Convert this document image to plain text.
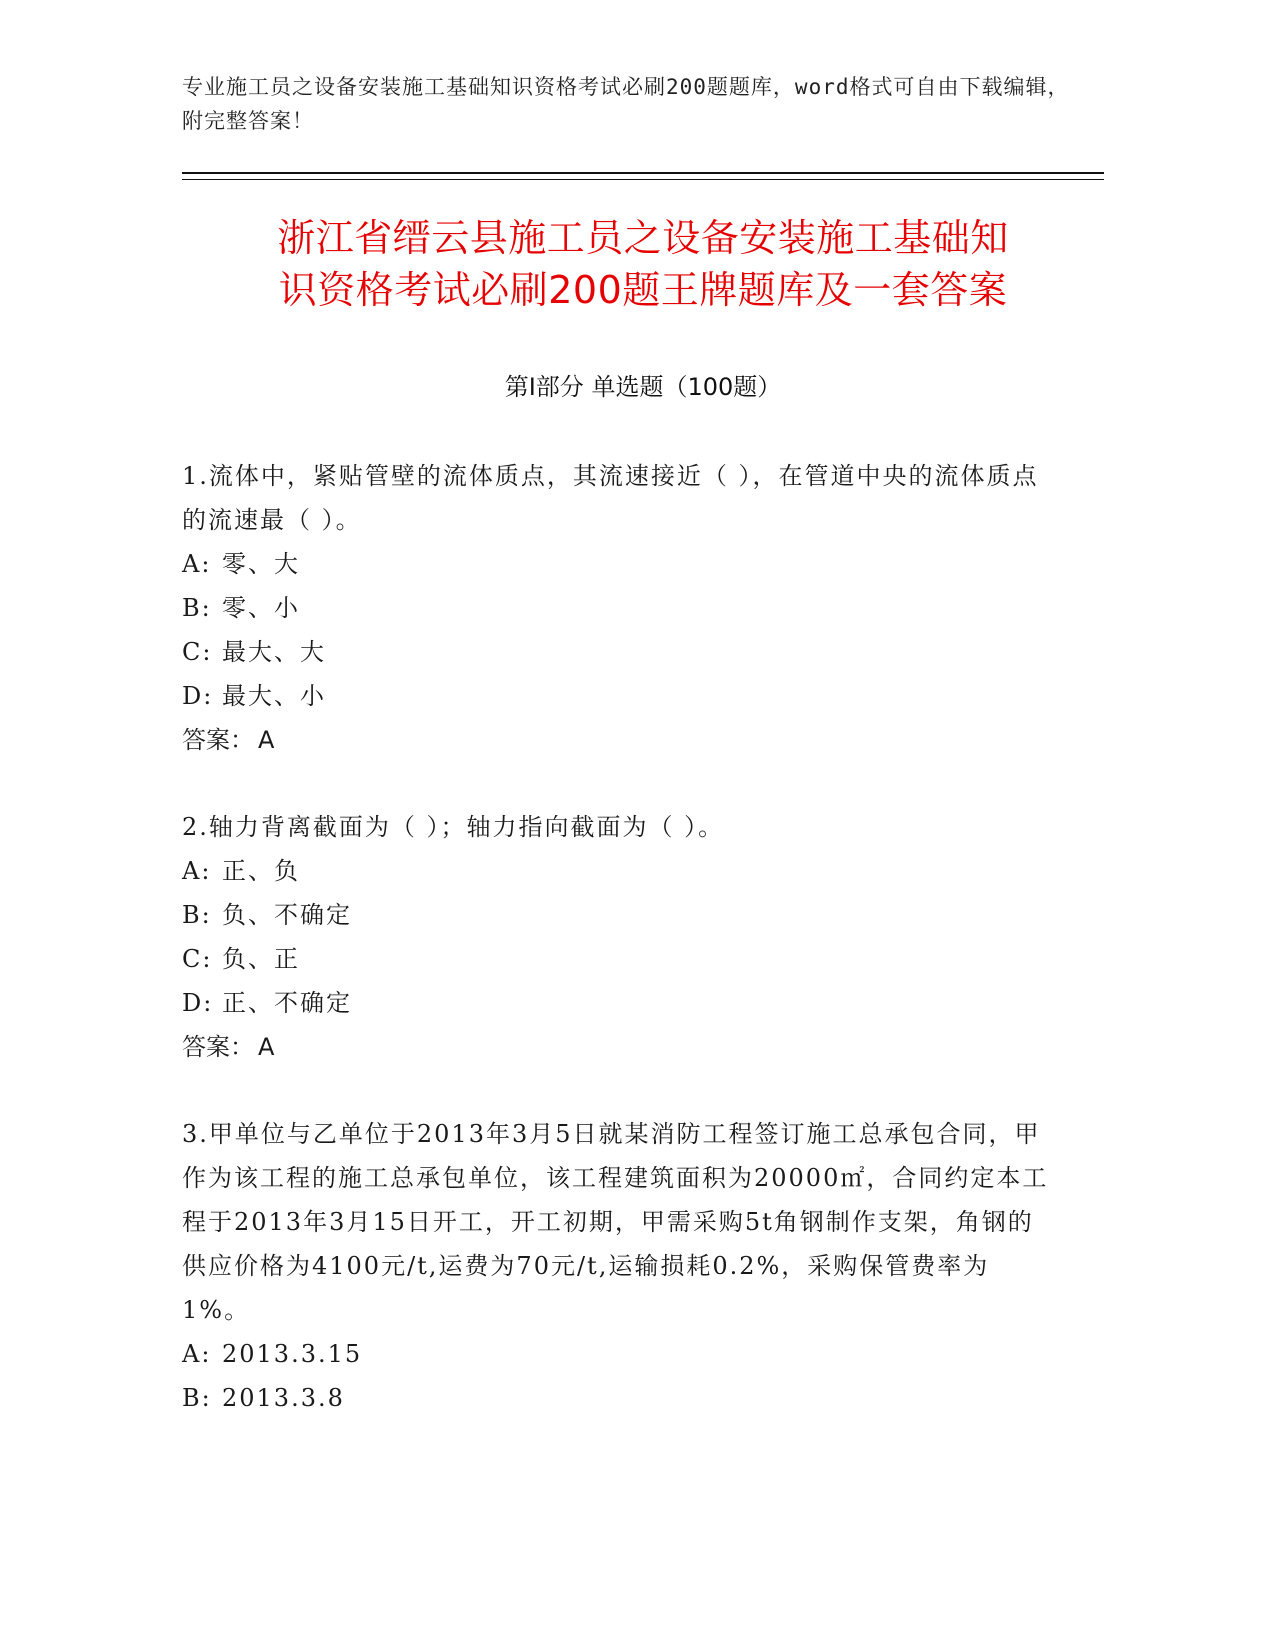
专业施工员之设备安装施工基础知识资格考试必刷200题题库，word格式可自由下载编辑，附完整答案！
浙江省缙云县施工员之设备安装施工基础知
识资格考试必刷200题王牌题库及一套答案
第Ⅰ部分 单选题（100题）
1.流体中，紧贴管壁的流体质点，其流速接近（ ），在管道中央的流体质点的流速最（ ）。
A: 零、大
B: 零、小
C: 最大、大
D: 最大、小
答案： A
2.轴力背离截面为（ ）；轴力指向截面为（ ）。
A: 正、负
B: 负、不确定
C: 负、正
D: 正、不确定
答案： A
3.甲单位与乙单位于2013年3月5日就某消防工程签订施工总承包合同，甲作为该工程的施工总承包单位，该工程建筑面积为20000㎡，合同约定本工程于2013年3月15日开工，开工初期，甲需采购5t角钢制作支架，角钢的供应价格为4100元/t,运费为70元/t,运输损耗0.2%，采购保管费率为1%。
A: 2013.3.15
B: 2013.3.8
